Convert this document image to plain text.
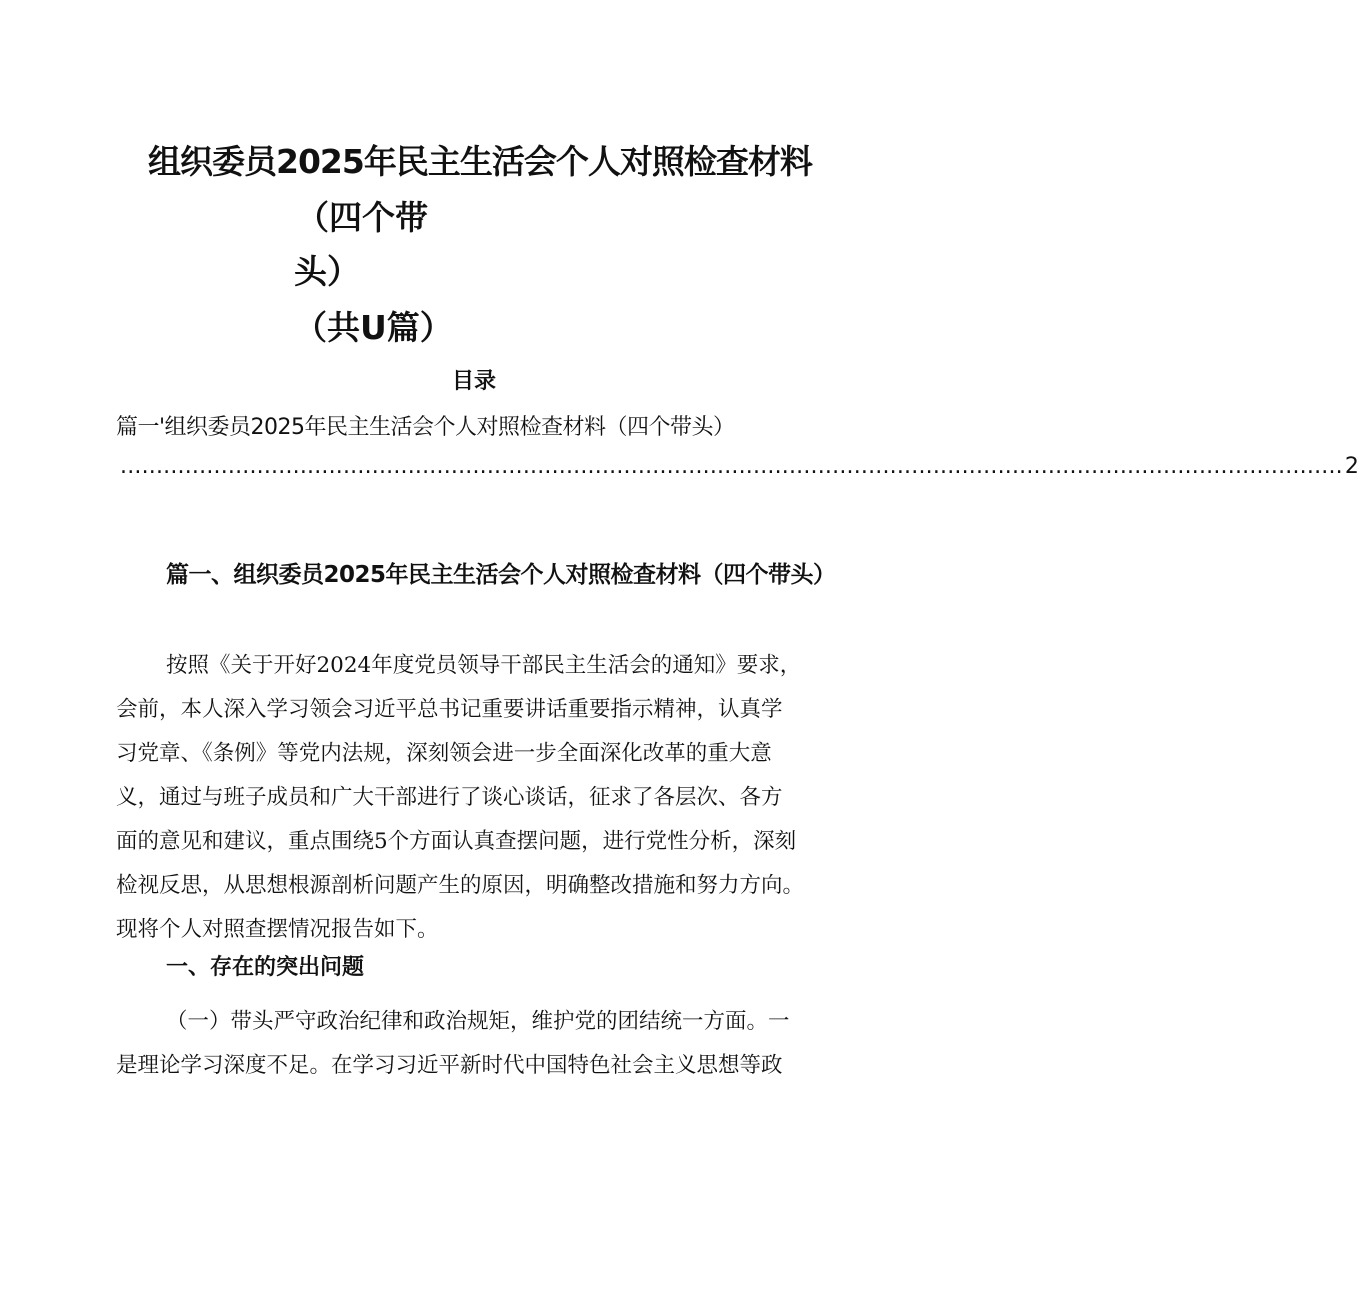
组织委员2025年民主生活会个人对照检查材料
（四个带
头）
（共U篇）
目录
篇一'组织委员2025年民主生活会个人对照检查材料（四个带头）
.......................................................................................................................................................................... 2
篇一、组织委员2025年民主生活会个人对照检查材料（四个带头）
按照《关于开好2024年度党员领导干部民主生活会的通知》要求，
会前，本人深入学习领会习近平总书记重要讲话重要指示精神，认真学
习党章、《条例》等党内法规，深刻领会进一步全面深化改革的重大意
义，通过与班子成员和广大干部进行了谈心谈话，征求了各层次、各方
面的意见和建议，重点围绕5个方面认真查摆问题，进行党性分析，深刻
检视反思，从思想根源剖析问题产生的原因，明确整改措施和努力方向。
现将个人对照查摆情况报告如下。
一、存在的突出问题
（一）带头严守政治纪律和政治规矩，维护党的团结统一方面。一
是理论学习深度不足。在学习习近平新时代中国特色社会主义思想等政
